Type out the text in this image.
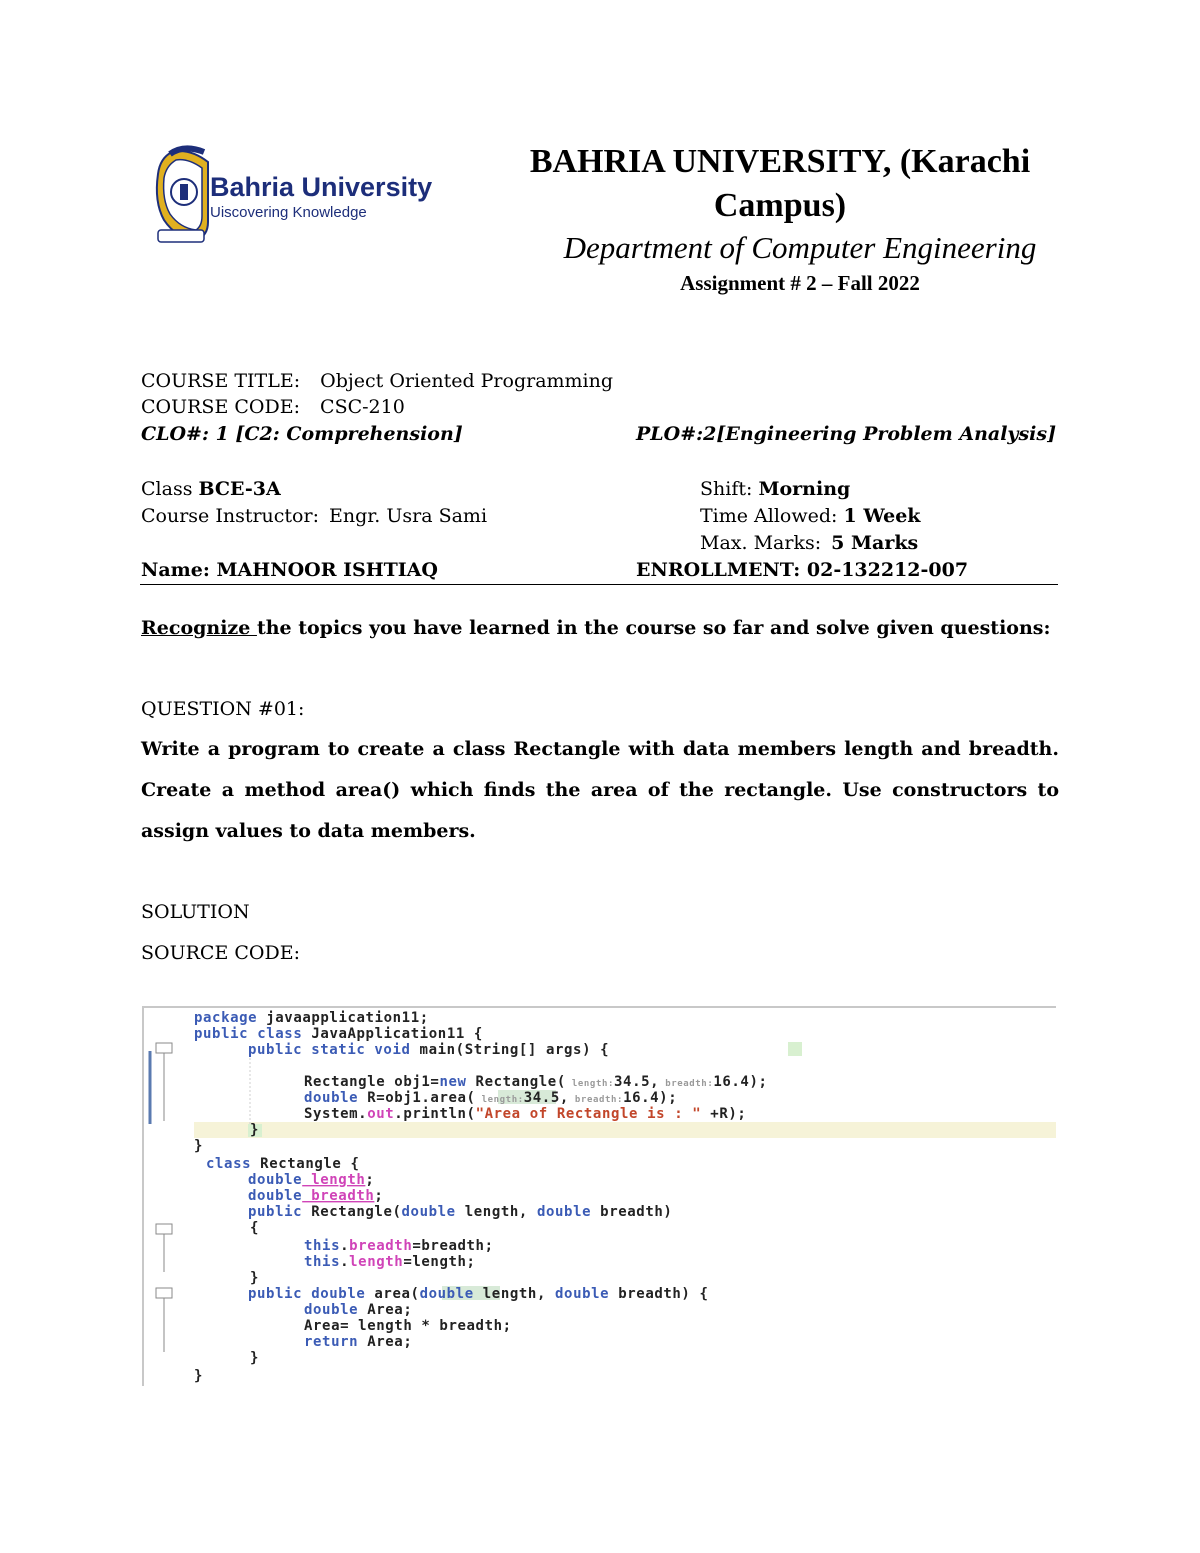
Bahria University
Uiscovering Knowledge
BAHRIA UNIVERSITY, (Karachi
Campus)
Department of Computer Engineering
Assignment # 2 – Fall 2022
COURSE TITLE: Object Oriented Programming
COURSE CODE: CSC-210
CLO#: 1 [C2: Comprehension]	PLO#:2[Engineering Problem Analysis]
Class BCE-3A	Shift: Morning
Course Instructor: Engr. Usra Sami	Time Allowed: 1 Week
Max. Marks: 5 Marks
Name: MAHNOOR ISHTIAQ	ENROLLMENT: 02-132212-007
Recognize the topics you have learned in the course so far and solve given questions:
QUESTION #01:
Write a program to create a class Rectangle with data members length and breadth. Create a method area() which finds the area of the rectangle. Use constructors to assign values to data members.
SOLUTION
SOURCE CODE:
package javaapplication11;
public class JavaApplication11 {
public static void main(String[] args) {
Rectangle obj1=new Rectangle( length:34.5, breadth:16.4);
double R=obj1.area( length:34.5, breadth:16.4);
System.out.println("Area of Rectangle is : " +R);
}
}
class Rectangle {
double length;
double breadth;
public Rectangle(double length, double breadth)
{
this.breadth=breadth;
this.length=length;
}
public double area(double length, double breadth) {
double Area;
Area= length * breadth;
return Area;
}
}
